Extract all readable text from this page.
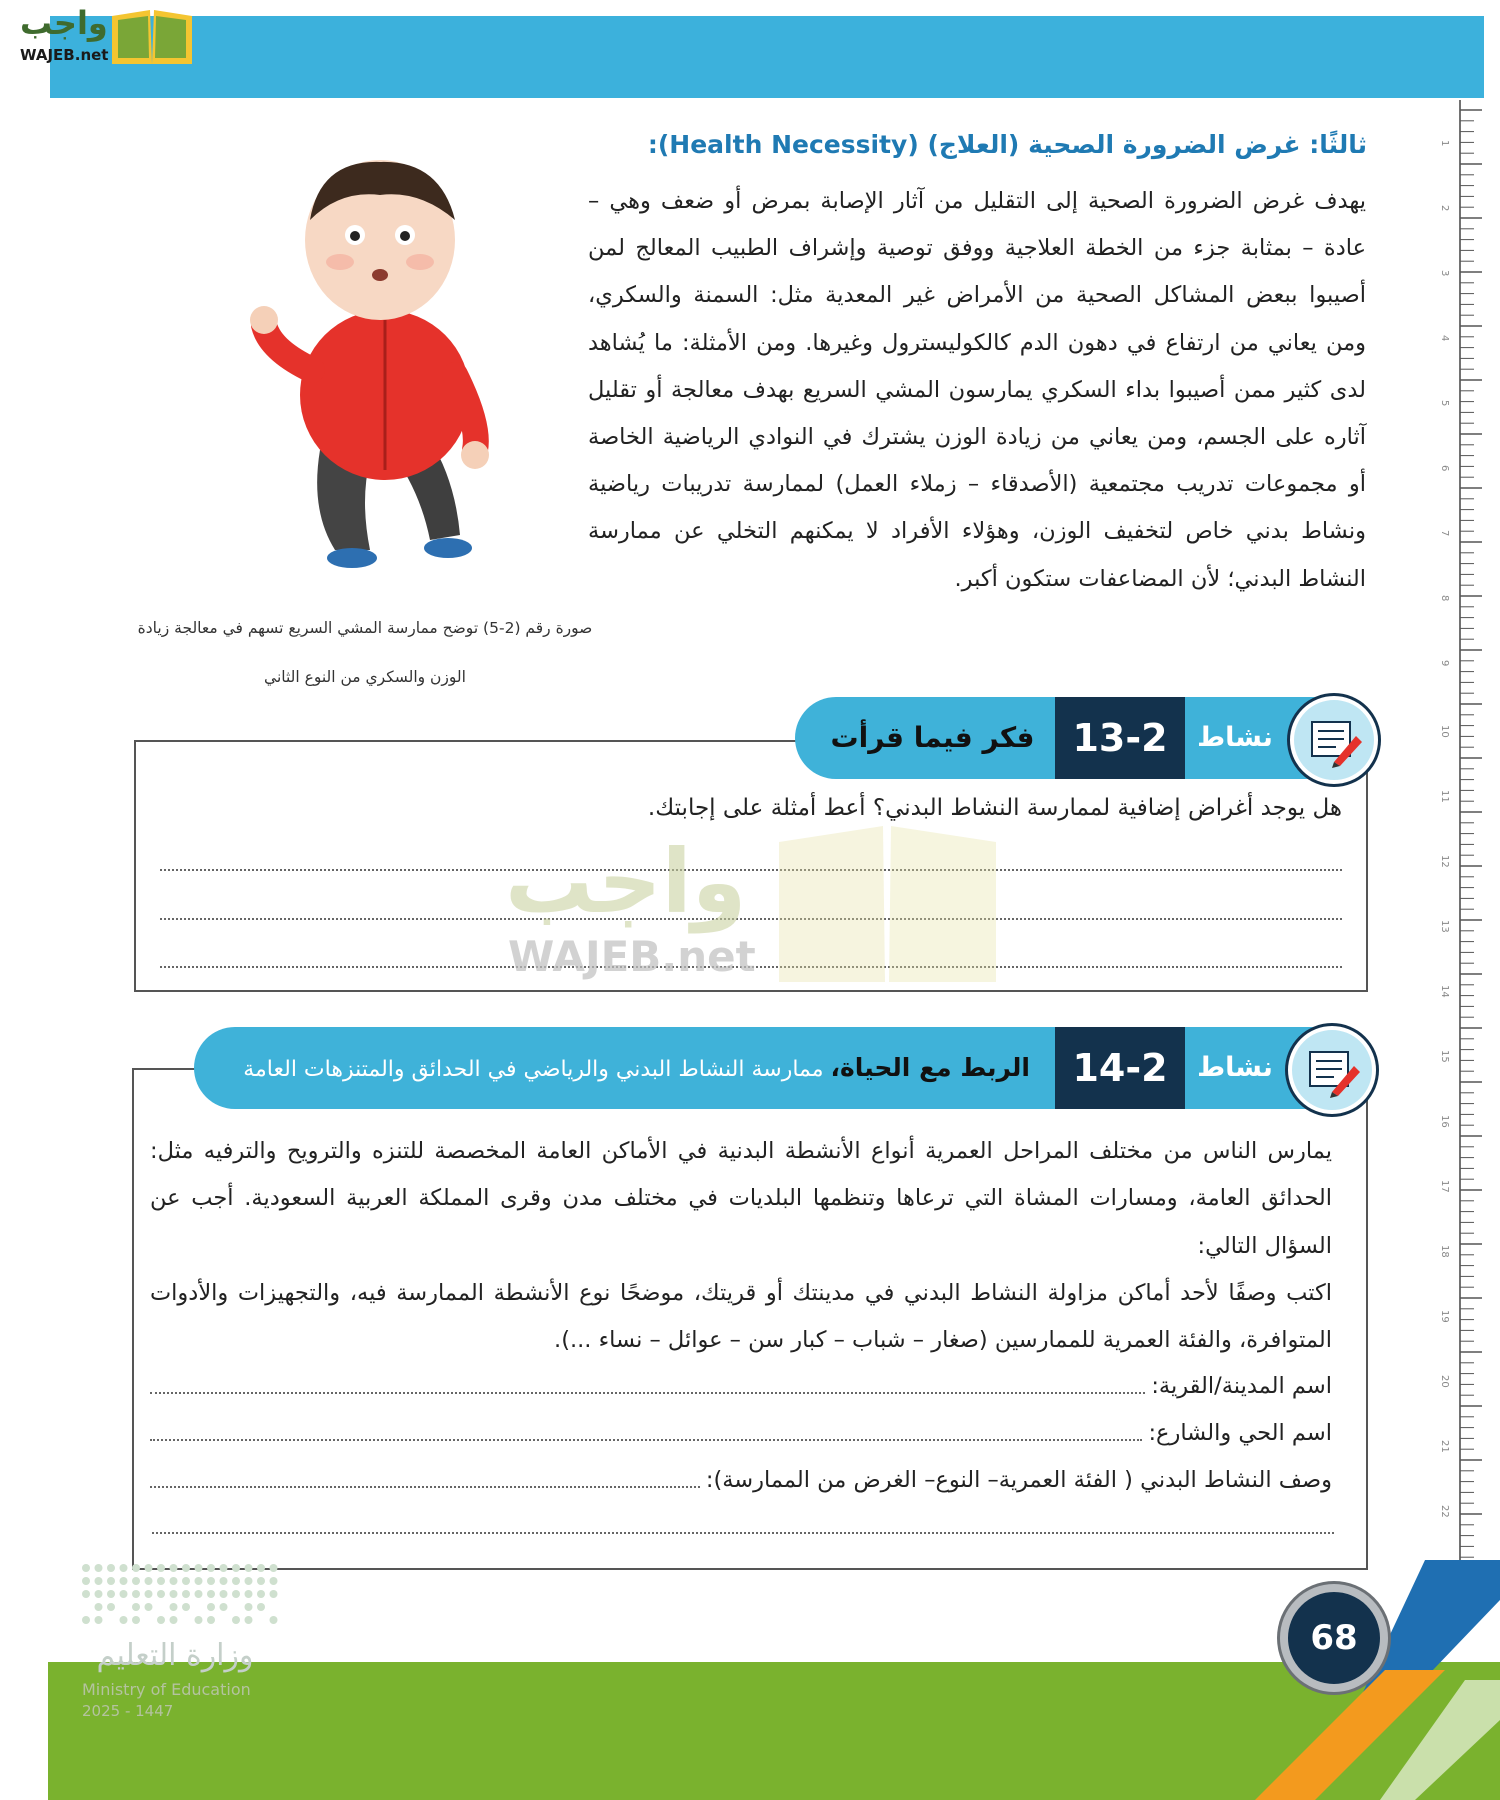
واجب
WAJEB.net
1
2
3
4
5
6
7
8
9
10
11
12
13
14
15
16
17
18
19
20
21
22
ثالثًا: غرض الضرورة الصحية (العلاج) (Health Necessity):
يهدف غرض الضرورة الصحية إلى التقليل من آثار الإصابة بمرض أو ضعف وهي – عادة – بمثابة جزء من الخطة العلاجية ووفق توصية وإشراف الطبيب المعالج لمن أصيبوا ببعض المشاكل الصحية من الأمراض غير المعدية مثل: السمنة والسكري، ومن يعاني من ارتفاع في دهون الدم كالكوليسترول وغيرها. ومن الأمثلة: ما يُشاهد لدى كثير ممن أصيبوا بداء السكري يمارسون المشي السريع بهدف معالجة أو تقليل آثاره على الجسم، ومن يعاني من زيادة الوزن يشترك في النوادي الرياضية الخاصة أو مجموعات تدريب مجتمعية (الأصدقاء – زملاء العمل) لممارسة تدريبات رياضية ونشاط بدني خاص لتخفيف الوزن، وهؤلاء الأفراد لا يمكنهم التخلي عن ممارسة النشاط البدني؛ لأن المضاعفات ستكون أكبر.
صورة رقم (2-5) توضح ممارسة المشي السريع تسهم في معالجة زيادة الوزن والسكري من النوع الثاني
13-2	نشاط
فكر فيما قرأت
هل يوجد أغراض إضافية لممارسة النشاط البدني؟ أعط أمثلة على إجابتك.
واجب
WAJEB.net
14-2	نشاط
الربط مع الحياة، ممارسة النشاط البدني والرياضي في الحدائق والمتنزهات العامة
يمارس الناس من مختلف المراحل العمرية أنواع الأنشطة البدنية في الأماكن العامة المخصصة للتنزه والترويح والترفيه مثل: الحدائق العامة، ومسارات المشاة التي ترعاها وتنظمها البلديات في مختلف مدن وقرى المملكة العربية السعودية. أجب عن السؤال التالي:
اكتب وصفًا لأحد أماكن مزاولة النشاط البدني في مدينتك أو قريتك، موضحًا نوع الأنشطة الممارسة فيه، والتجهيزات والأدوات المتوافرة، والفئة العمرية للممارسين (صغار – شباب – كبار سن – عوائل – نساء ...).
اسم المدينة/القرية:
اسم الحي والشارع:
وصف النشاط البدني ( الفئة العمرية– النوع– الغرض من الممارسة):
وزارة التعليم
Ministry of Education
2025 - 1447
68
